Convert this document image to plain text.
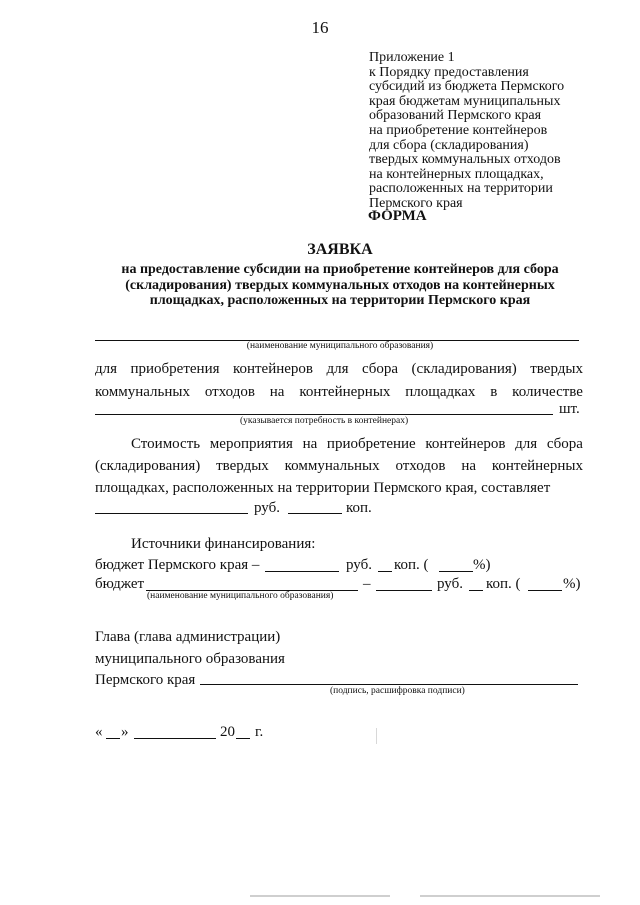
16
Приложение 1
к Порядку предоставления
субсидий из бюджета Пермского
края бюджетам муниципальных
образований Пермского края
на приобретение контейнеров
для сбора (складирования)
твердых коммунальных отходов
на контейнерных площадках,
расположенных на территории
Пермского края
ФОРМА
ЗАЯВКА
на предоставление субсидии на приобретение контейнеров для сбора
(складирования) твердых коммунальных отходов на контейнерных
площадках, расположенных на территории Пермского края
(наименование муниципального образования)
для приобретения контейнеров для сбора (складирования) твердых
коммунальных отходов на контейнерных площадках в количестве
шт.
(указывается потребность в контейнерах)
Стоимость мероприятия на приобретение контейнеров для сбора
(складирования) твердых коммунальных отходов на контейнерных
площадках, расположенных на территории Пермского края, составляет
руб.	коп.
Источники финансирования:
бюджет Пермского края –	руб. коп. (	%)
бюджет	–	руб. коп. (	%)
(наименование муниципального образования)
Глава (глава администрации)
муниципального образования
Пермского края
(подпись, расшифровка подписи)
« »	20 г.
